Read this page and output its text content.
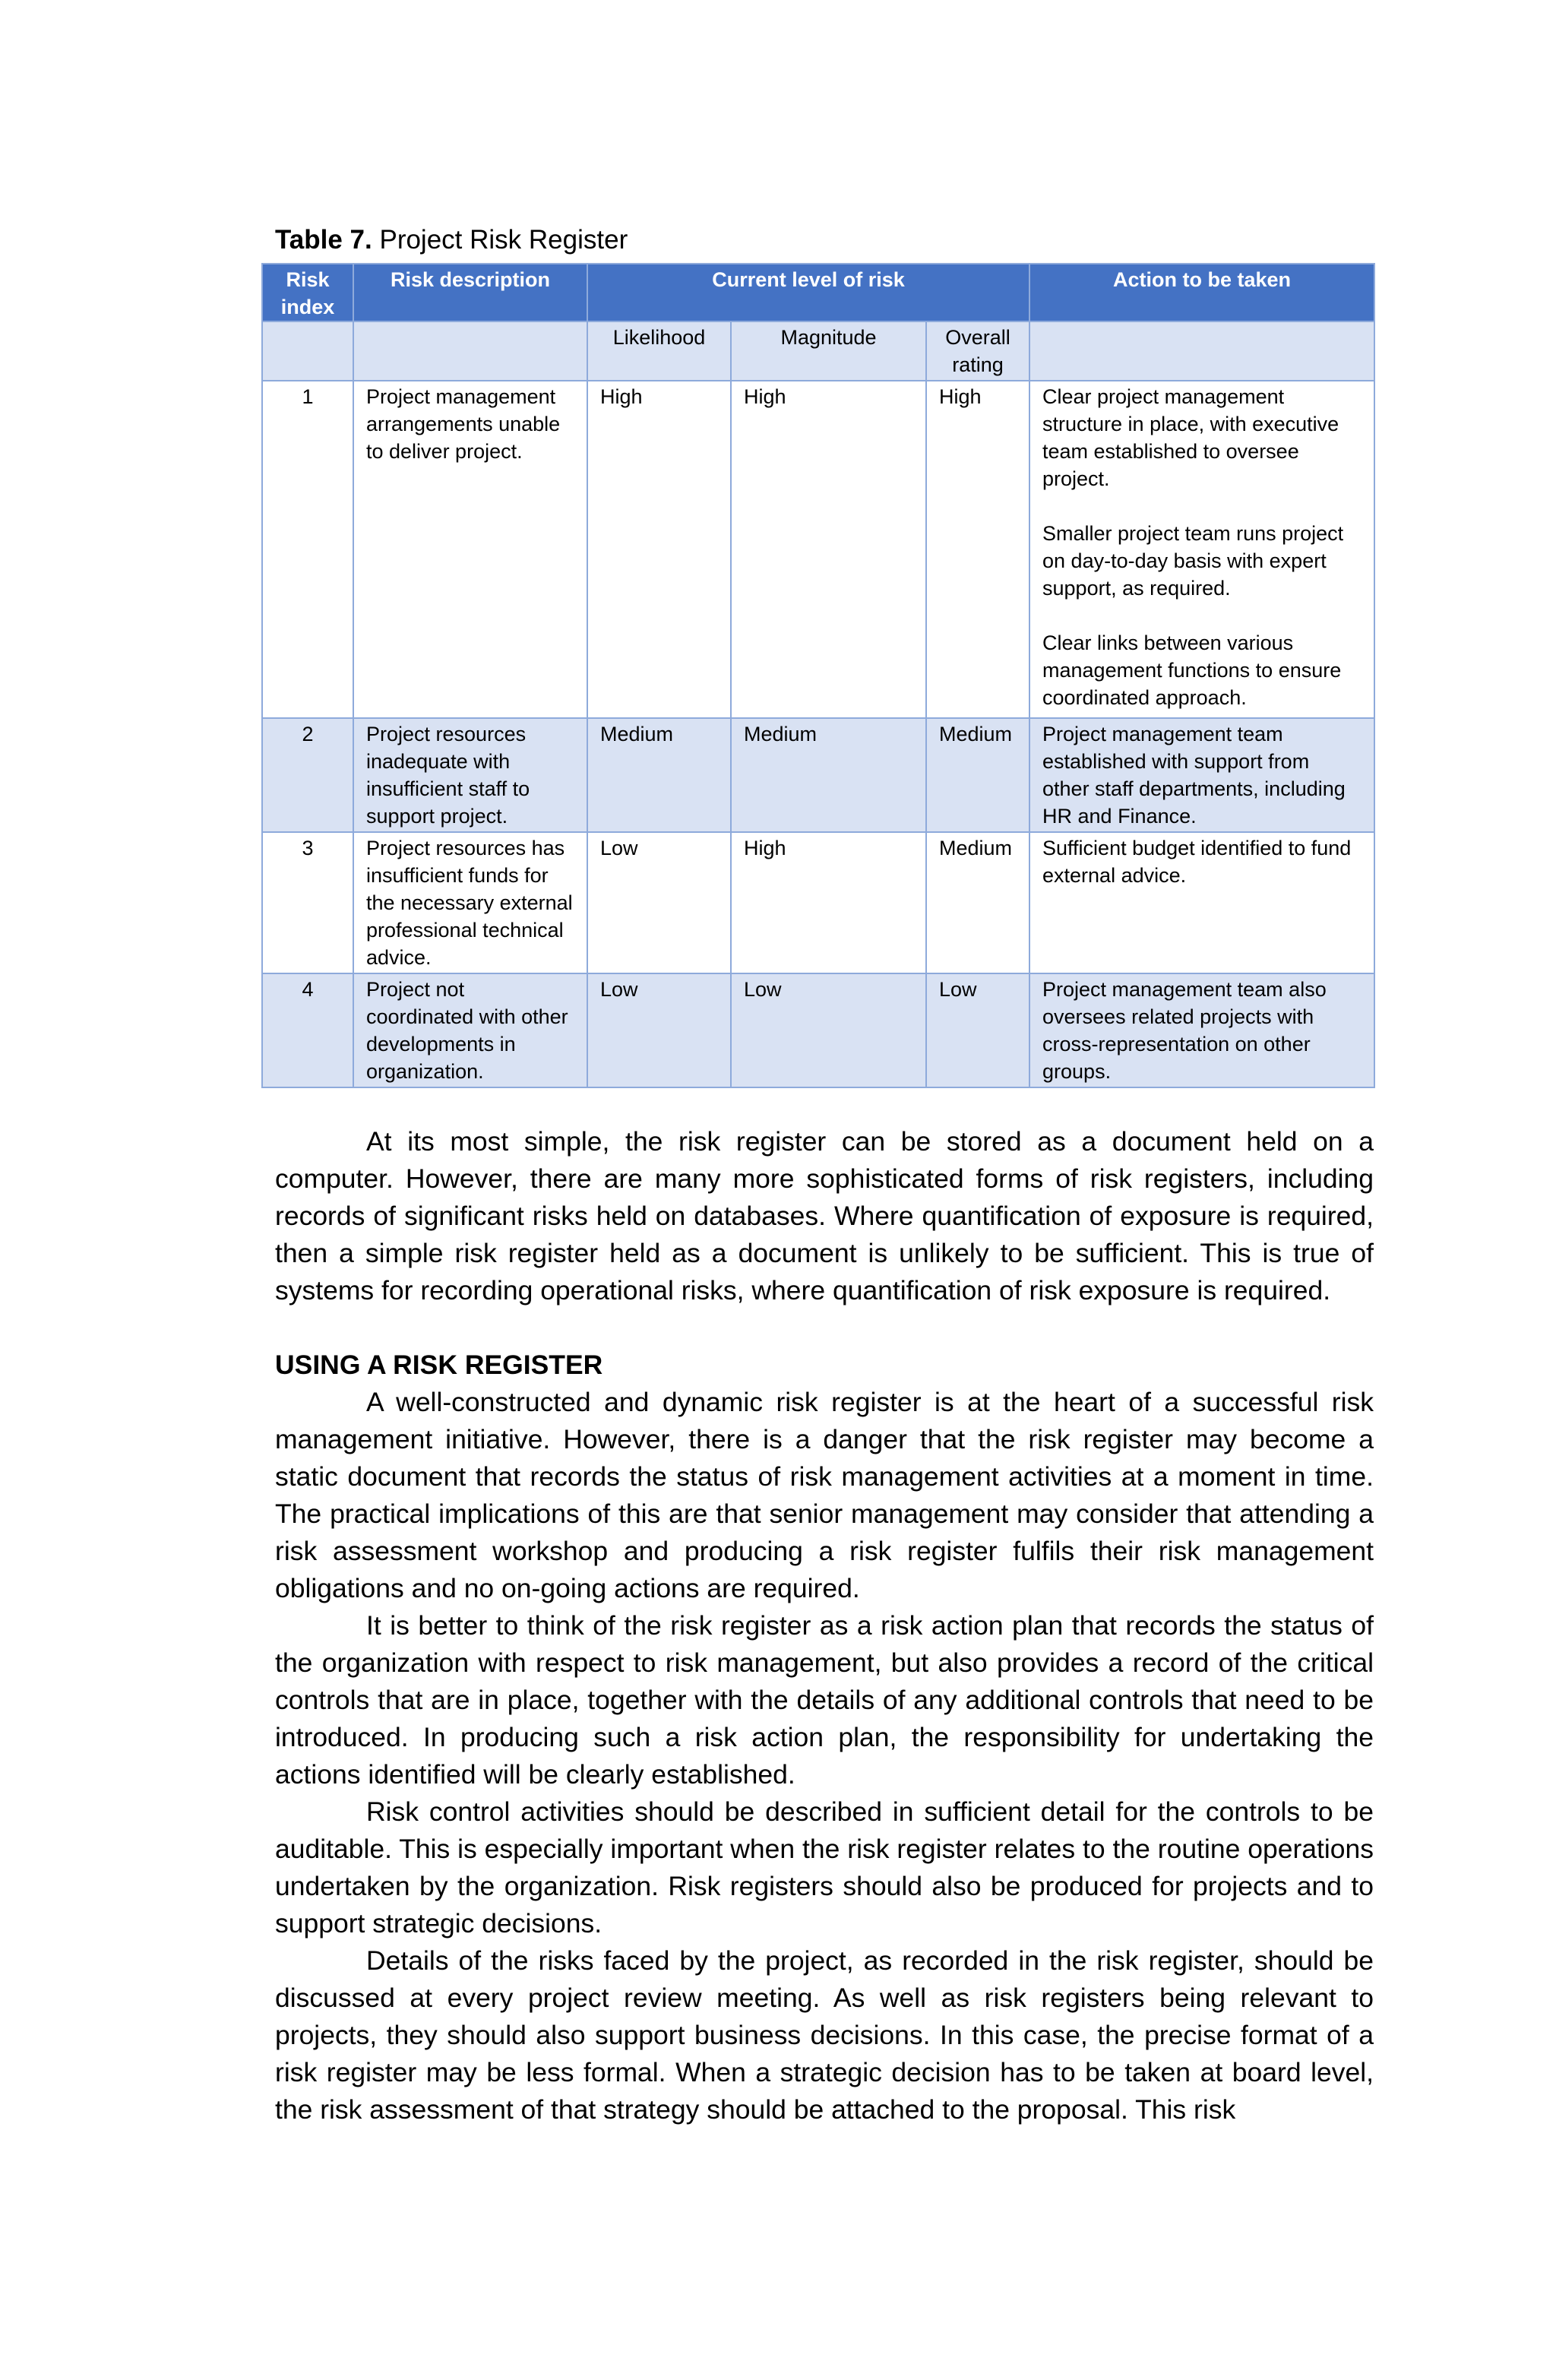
Table 7. Project Risk Register
Risk index	Risk description	Current level of risk			Action to be taken
		Likelihood	Magnitude	Overall rating	
1	Project management arrangements unable to deliver project.	High	High	High	Clear project management structure in place, with executive team established to oversee project.
Smaller project team runs project on day-to-day basis with expert support, as required.
Clear links between various management functions to ensure coordinated approach.

2	Project resources inadequate with insufficient staff to support project.	Medium	Medium	Medium	Project management team established with support from other staff departments, including HR and Finance.

3	Project resources has insufficient funds for the necessary external professional technical advice.	Low	High	Medium	Sufficient budget identified to fund external advice.

4	Project not coordinated with other developments in organization.	Low	Low	Low	Project management team also oversees related projects with cross-representation on other groups.

At its most simple, the risk register can be stored as a document held on a computer. However, there are many more sophisticated forms of risk registers, including records of significant risks held on databases. Where quantification of exposure is required, then a simple risk register held as a document is unlikely to be sufficient. This is true of systems for recording operational risks, where quantification of risk exposure is required.

USING A RISK REGISTER

A well-constructed and dynamic risk register is at the heart of a successful risk management initiative. However, there is a danger that the risk register may become a static document that records the status of risk management activities at a moment in time. The practical implications of this are that senior management may consider that attending a risk assessment workshop and producing a risk register fulfils their risk management obligations and no on-going actions are required.

It is better to think of the risk register as a risk action plan that records the status of the organization with respect to risk management, but also provides a record of the critical controls that are in place, together with the details of any additional controls that need to be introduced. In producing such a risk action plan, the responsibility for undertaking the actions identified will be clearly established.

Risk control activities should be described in sufficient detail for the controls to be auditable. This is especially important when the risk register relates to the routine operations undertaken by the organization. Risk registers should also be produced for projects and to support strategic decisions.

Details of the risks faced by the project, as recorded in the risk register, should be discussed at every project review meeting. As well as risk registers being relevant to projects, they should also support business decisions. In this case, the precise format of a risk register may be less formal. When a strategic decision has to be taken at board level, the risk assessment of that strategy should be attached to the proposal. This risk
